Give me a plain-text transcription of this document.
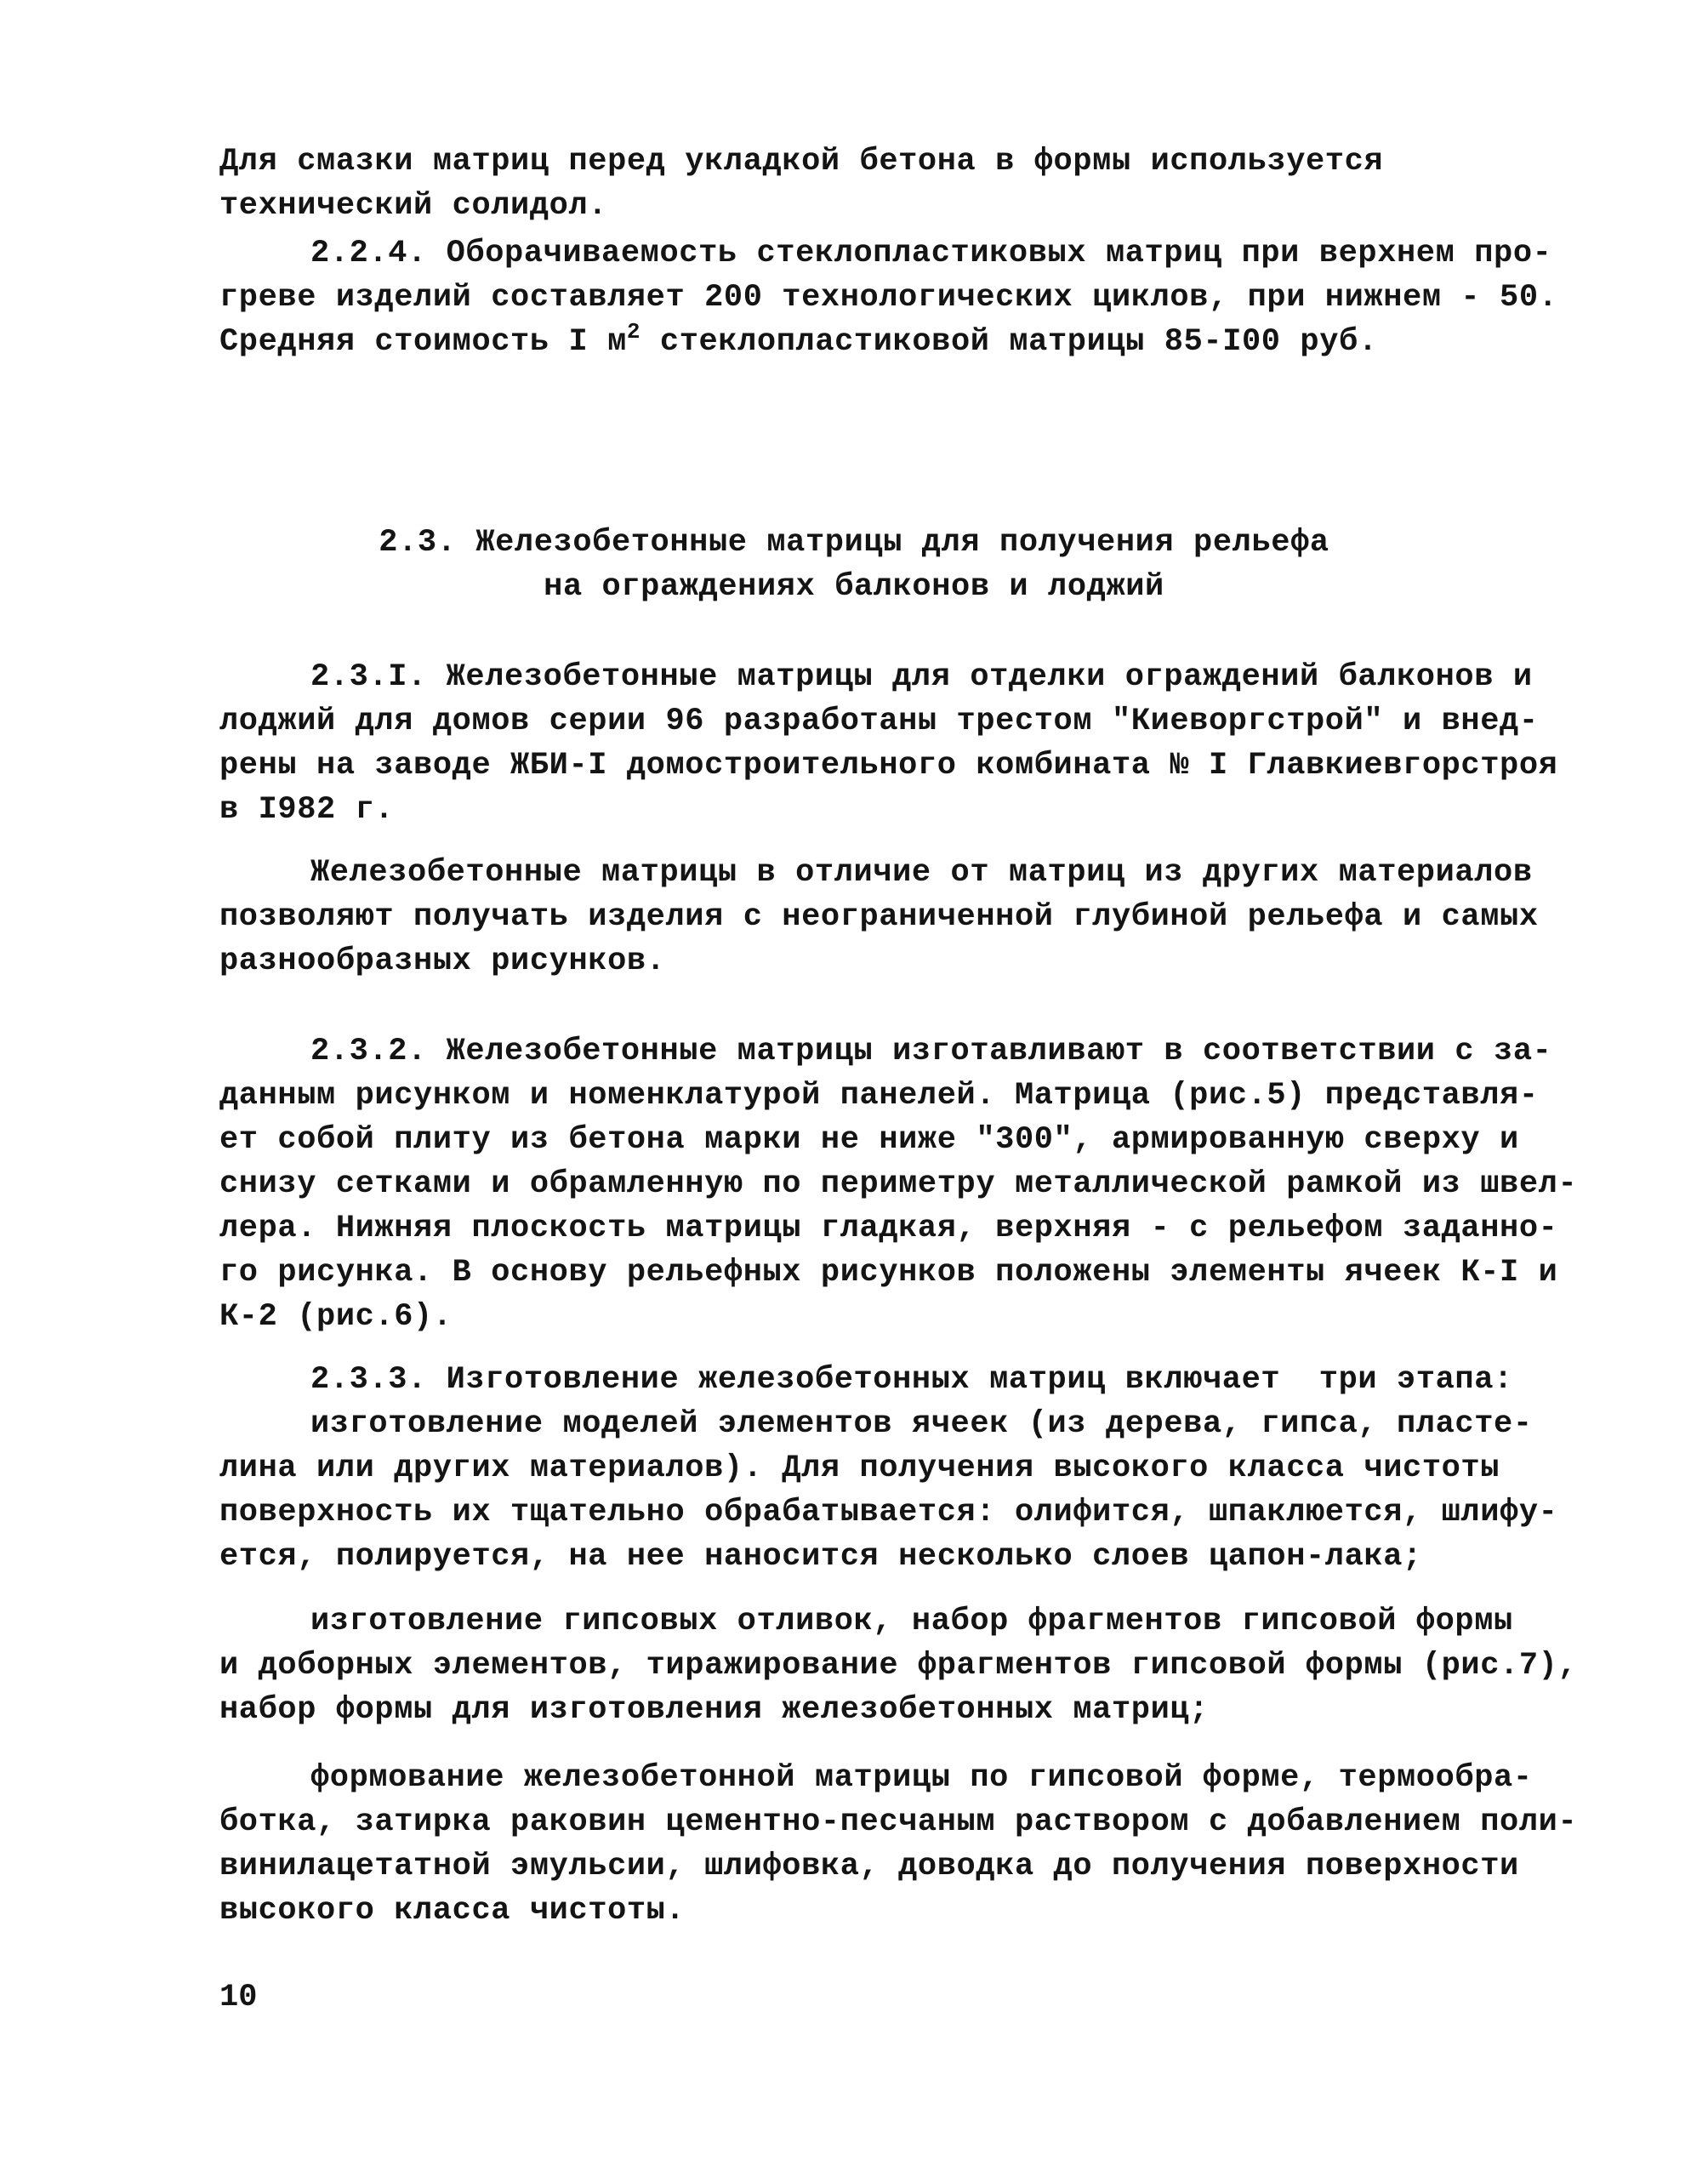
Для смазки матриц перед укладкой бетона в формы используется
технический солидол.
2.2.4. Оборачиваемость стеклопластиковых матриц при верхнем про-
греве изделий составляет 200 технологических циклов, при нижнем - 50.
Средняя стоимость I $м^2$ стеклопластиковой матрицы 85-I00 руб.
2.3. Железобетонные матрицы для получения рельефа
на ограждениях балконов и лоджий
2.3.I. Железобетонные матрицы для отделки ограждений балконов и
лоджий для домов серии 96 разработаны трестом "Киеворгстрой" и внед-
рены на заводе ЖБИ-I домостроительного комбината № I Главкиевгорстроя
в I982 г.
Железобетонные матрицы в отличие от матриц из других материалов
позволяют получать изделия с неограниченной глубиной рельефа и самых
разнообразных рисунков.
2.3.2. Железобетонные матрицы изготавливают в соответствии с за-
данным рисунком и номенклатурой панелей. Матрица (рис.5) представля-
ет собой плиту из бетона марки не ниже "300", армированную сверху и
снизу сетками и обрамленную по периметру металлической рамкой из швел-
лера. Нижняя плоскость матрицы гладкая, верхняя - с рельефом заданно-
го рисунка. В основу рельефных рисунков положены элементы ячеек К-I и
К-2 (рис.6).
2.3.3. Изготовление железобетонных матриц включает  три этапа:
изготовление моделей элементов ячеек (из дерева, гипса, пласте-
лина или других материалов). Для получения высокого класса чистоты
поверхность их тщательно обрабатывается: олифится, шпаклюется, шлифу-
ется, полируется, на нее наносится несколько слоев цапон-лака;
изготовление гипсовых отливок, набор фрагментов гипсовой формы
и доборных элементов, тиражирование фрагментов гипсовой формы (рис.7),
набор формы для изготовления железобетонных матриц;
формование железобетонной матрицы по гипсовой форме, термообра-
ботка, затирка раковин цементно-песчаным раствором с добавлением поли-
винилацетатной эмульсии, шлифовка, доводка до получения поверхности
высокого класса чистоты.
10
